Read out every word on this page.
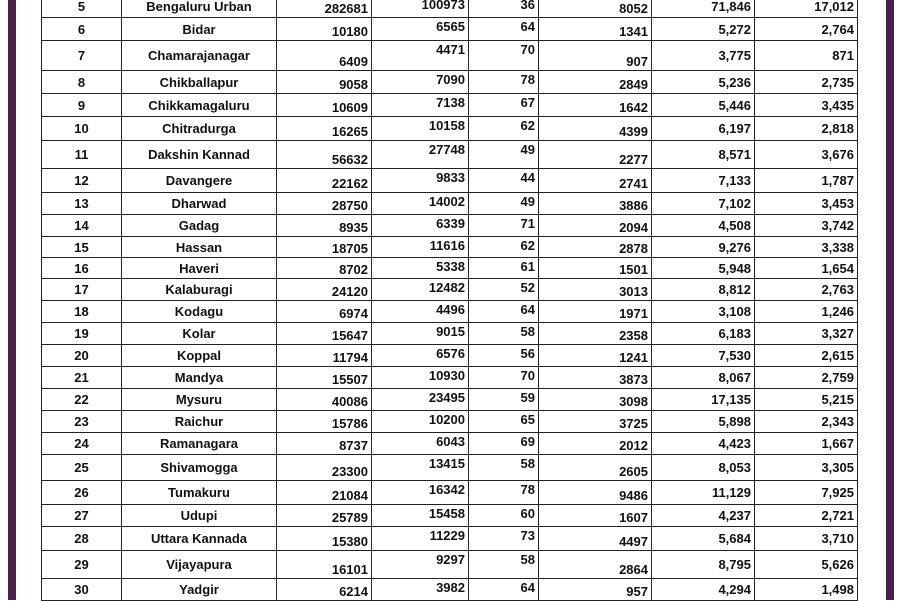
5	Bengaluru Urban	282681	100973	36	8052	71,846	17,012	
6	Bidar	10180	6565	64	1341	5,272	2,764	
7	Chamarajanagar	6409	4471	70	907	3,775	871	
8	Chikballapur	9058	7090	78	2849	5,236	2,735	
9	Chikkamagaluru	10609	7138	67	1642	5,446	3,435	
10	Chitradurga	16265	10158	62	4399	6,197	2,818	
11	Dakshin Kannad	56632	27748	49	2277	8,571	3,676	
12	Davangere	22162	9833	44	2741	7,133	1,787	
13	Dharwad	28750	14002	49	3886	7,102	3,453	
14	Gadag	8935	6339	71	2094	4,508	3,742	
15	Hassan	18705	11616	62	2878	9,276	3,338	
16	Haveri	8702	5338	61	1501	5,948	1,654	
17	Kalaburagi	24120	12482	52	3013	8,812	2,763	
18	Kodagu	6974	4496	64	1971	3,108	1,246	
19	Kolar	15647	9015	58	2358	6,183	3,327	
20	Koppal	11794	6576	56	1241	7,530	2,615	
21	Mandya	15507	10930	70	3873	8,067	2,759	
22	Mysuru	40086	23495	59	3098	17,135	5,215	
23	Raichur	15786	10200	65	3725	5,898	2,343	
24	Ramanagara	8737	6043	69	2012	4,423	1,667	
25	Shivamogga	23300	13415	58	2605	8,053	3,305	
26	Tumakuru	21084	16342	78	9486	11,129	7,925	
27	Udupi	25789	15458	60	1607	4,237	2,721	
28	Uttara Kannada	15380	11229	73	4497	5,684	3,710	
29	Vijayapura	16101	9297	58	2864	8,795	5,626	
30	Yadgir	6214	3982	64	957	4,294	1,498	
